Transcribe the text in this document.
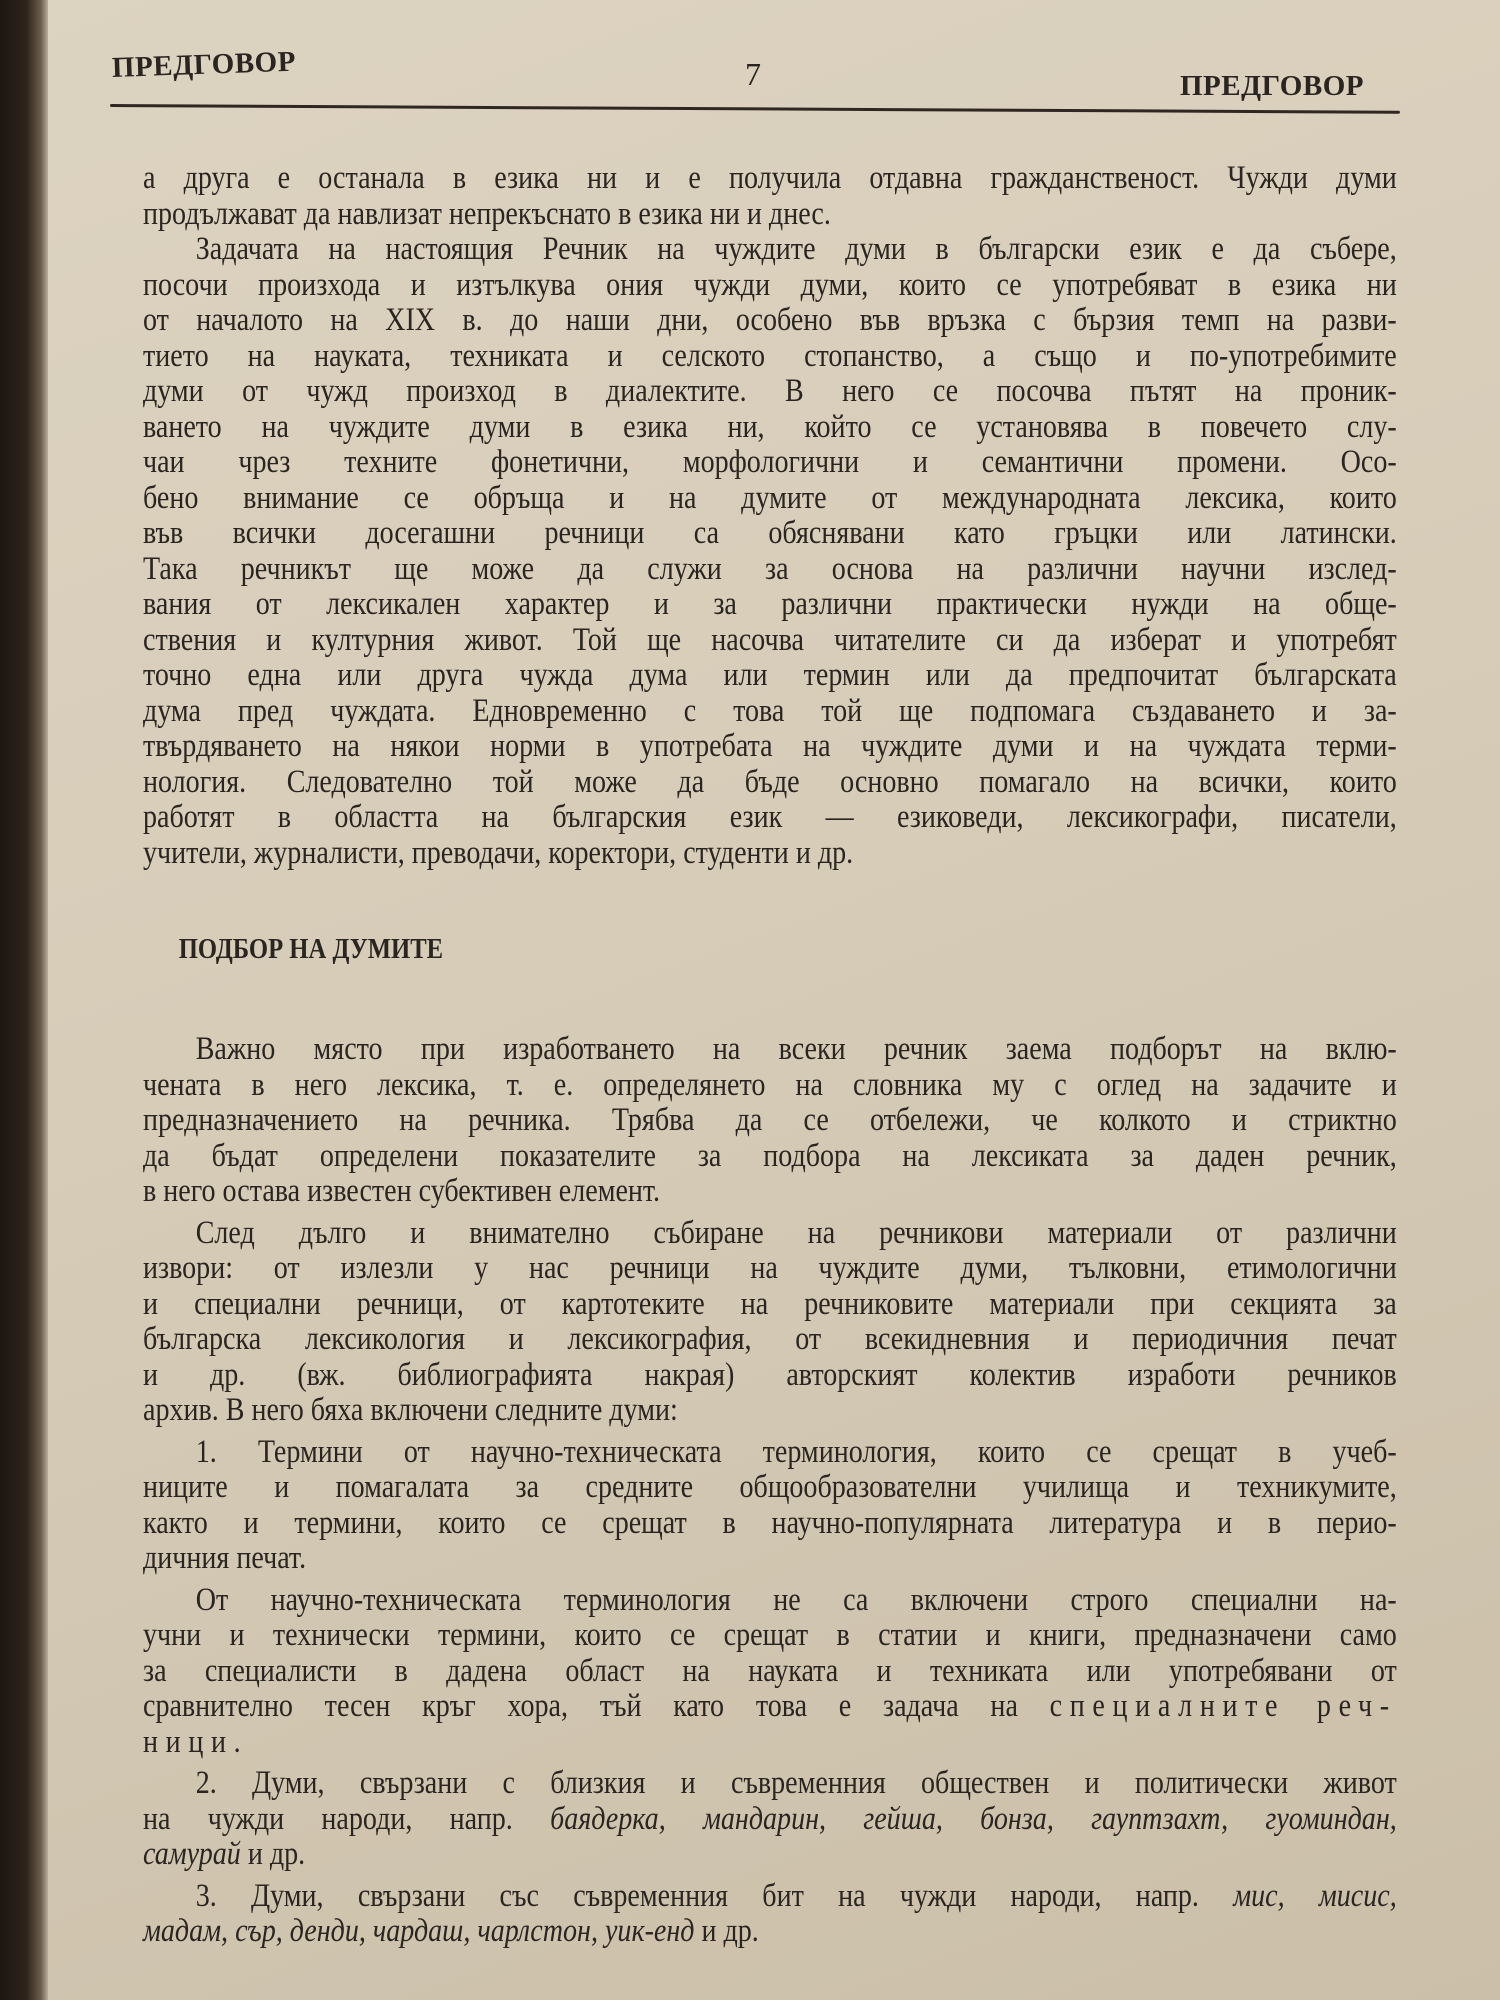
ПРЕДГОВОР	7	ПРЕДГОВОР
а друга е останала в езика ни и е получила отдавна гражданственост. Чужди думи
продължават да навлизат непрекъснато в езика ни и днес.
Задачата на настоящия Речник на чуждите думи в български език е да събере,
посочи произхода и изтълкува ония чужди думи, които се употребяват в езика ни
от началото на XIX в. до наши дни, особено във връзка с бързия темп на разви-
тието на науката, техниката и селското стопанство, а също и по-употребимите
думи от чужд произход в диалектите. В него се посочва пътят на проник-
ването на чуждите думи в езика ни, който се установява в повечето слу-
чаи чрез техните фонетични, морфологични и семантични промени. Осо-
бено внимание се обръща и на думите от международната лексика, които
във всички досегашни речници са обяснявани като гръцки или латински.
Така речникът ще може да служи за основа на различни научни изслед-
вания от лексикален характер и за различни практически нужди на обще-
ствения и културния живот. Той ще насочва читателите си да изберат и употребят
точно една или друга чужда дума или термин или да предпочитат българската
дума пред чуждата. Едновременно с това той ще подпомага създаването и за-
твърдяването на някои норми в употребата на чуждите думи и на чуждата терми-
нология. Следователно той може да бъде основно помагало на всички, които
работят в областта на българския език — езиковеди, лексикографи, писатели,
учители, журналисти, преводачи, коректори, студенти и др.
ПОДБОР НА ДУМИТЕ
Важно място при изработването на всеки речник заема подборът на вклю-
чената в него лексика, т. е. определянето на словника му с оглед на задачите и
предназначението на речника. Трябва да се отбележи, че колкото и стриктно
да бъдат определени показателите за подбора на лексиката за даден речник,
в него остава известен субективен елемент.
След дълго и внимателно събиране на речникови материали от различни
извори: от излезли у нас речници на чуждите думи, тълковни, етимологични
и специални речници, от картотеките на речниковите материали при секцията за
българска лексикология и лексикография, от всекидневния и периодичния печат
и др. (вж. библиографията накрая) авторският колектив изработи речников
архив. В него бяха включени следните думи:
1. Термини от научно-техническата терминология, които се срещат в учеб-
ниците и помагалата за средните общообразователни училища и техникумите,
както и термини, които се срещат в научно-популярната литература и в перио-
дичния печат.
От научно-техническата терминология не са включени строго специални на-
учни и технически термини, които се срещат в статии и книги, предназначени само
за специалисти в дадена област на науката и техниката или употребявани от
сравнително тесен кръг хора, тъй като това е задача на специалните реч-
ници.
2. Думи, свързани с близкия и съвременния обществен и политически живот
на чужди народи, напр. баядерка, мандарин, гейша, бонза, гауптзахт, гуоминдан,
самурай и др.
3. Думи, свързани със съвременния бит на чужди народи, напр. мис, мисис,
мадам, сър, денди, чардаш, чарлстон, уик-енд и др.
